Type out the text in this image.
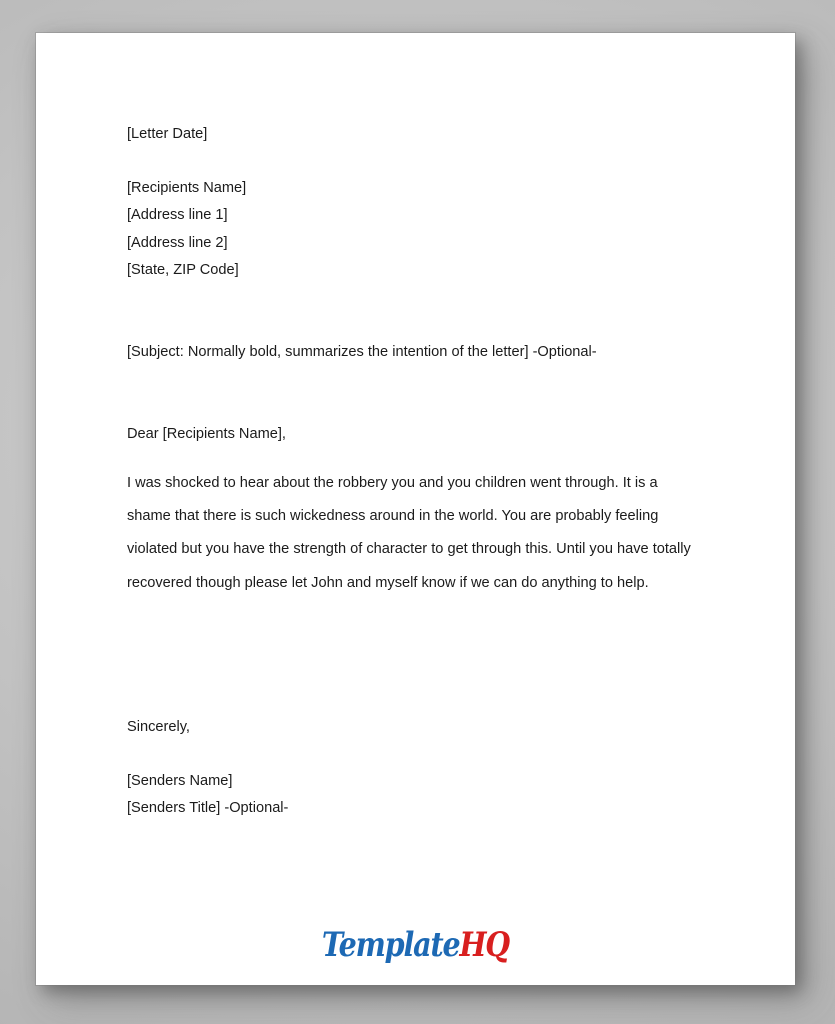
[Letter Date]
[Recipients Name]
[Address line 1]
[Address line 2]
[State, ZIP Code]
[Subject: Normally bold, summarizes the intention of the letter] -Optional-
Dear [Recipients Name],
I was shocked to hear about the robbery you and you children went through. It is a
shame that there is such wickedness around in the world. You are probably feeling
violated but you have the strength of character to get through this. Until you have totally
recovered though please let John and myself know if we can do anything to help.
Sincerely,
[Senders Name]
[Senders Title] -Optional-
TemplateHQ
